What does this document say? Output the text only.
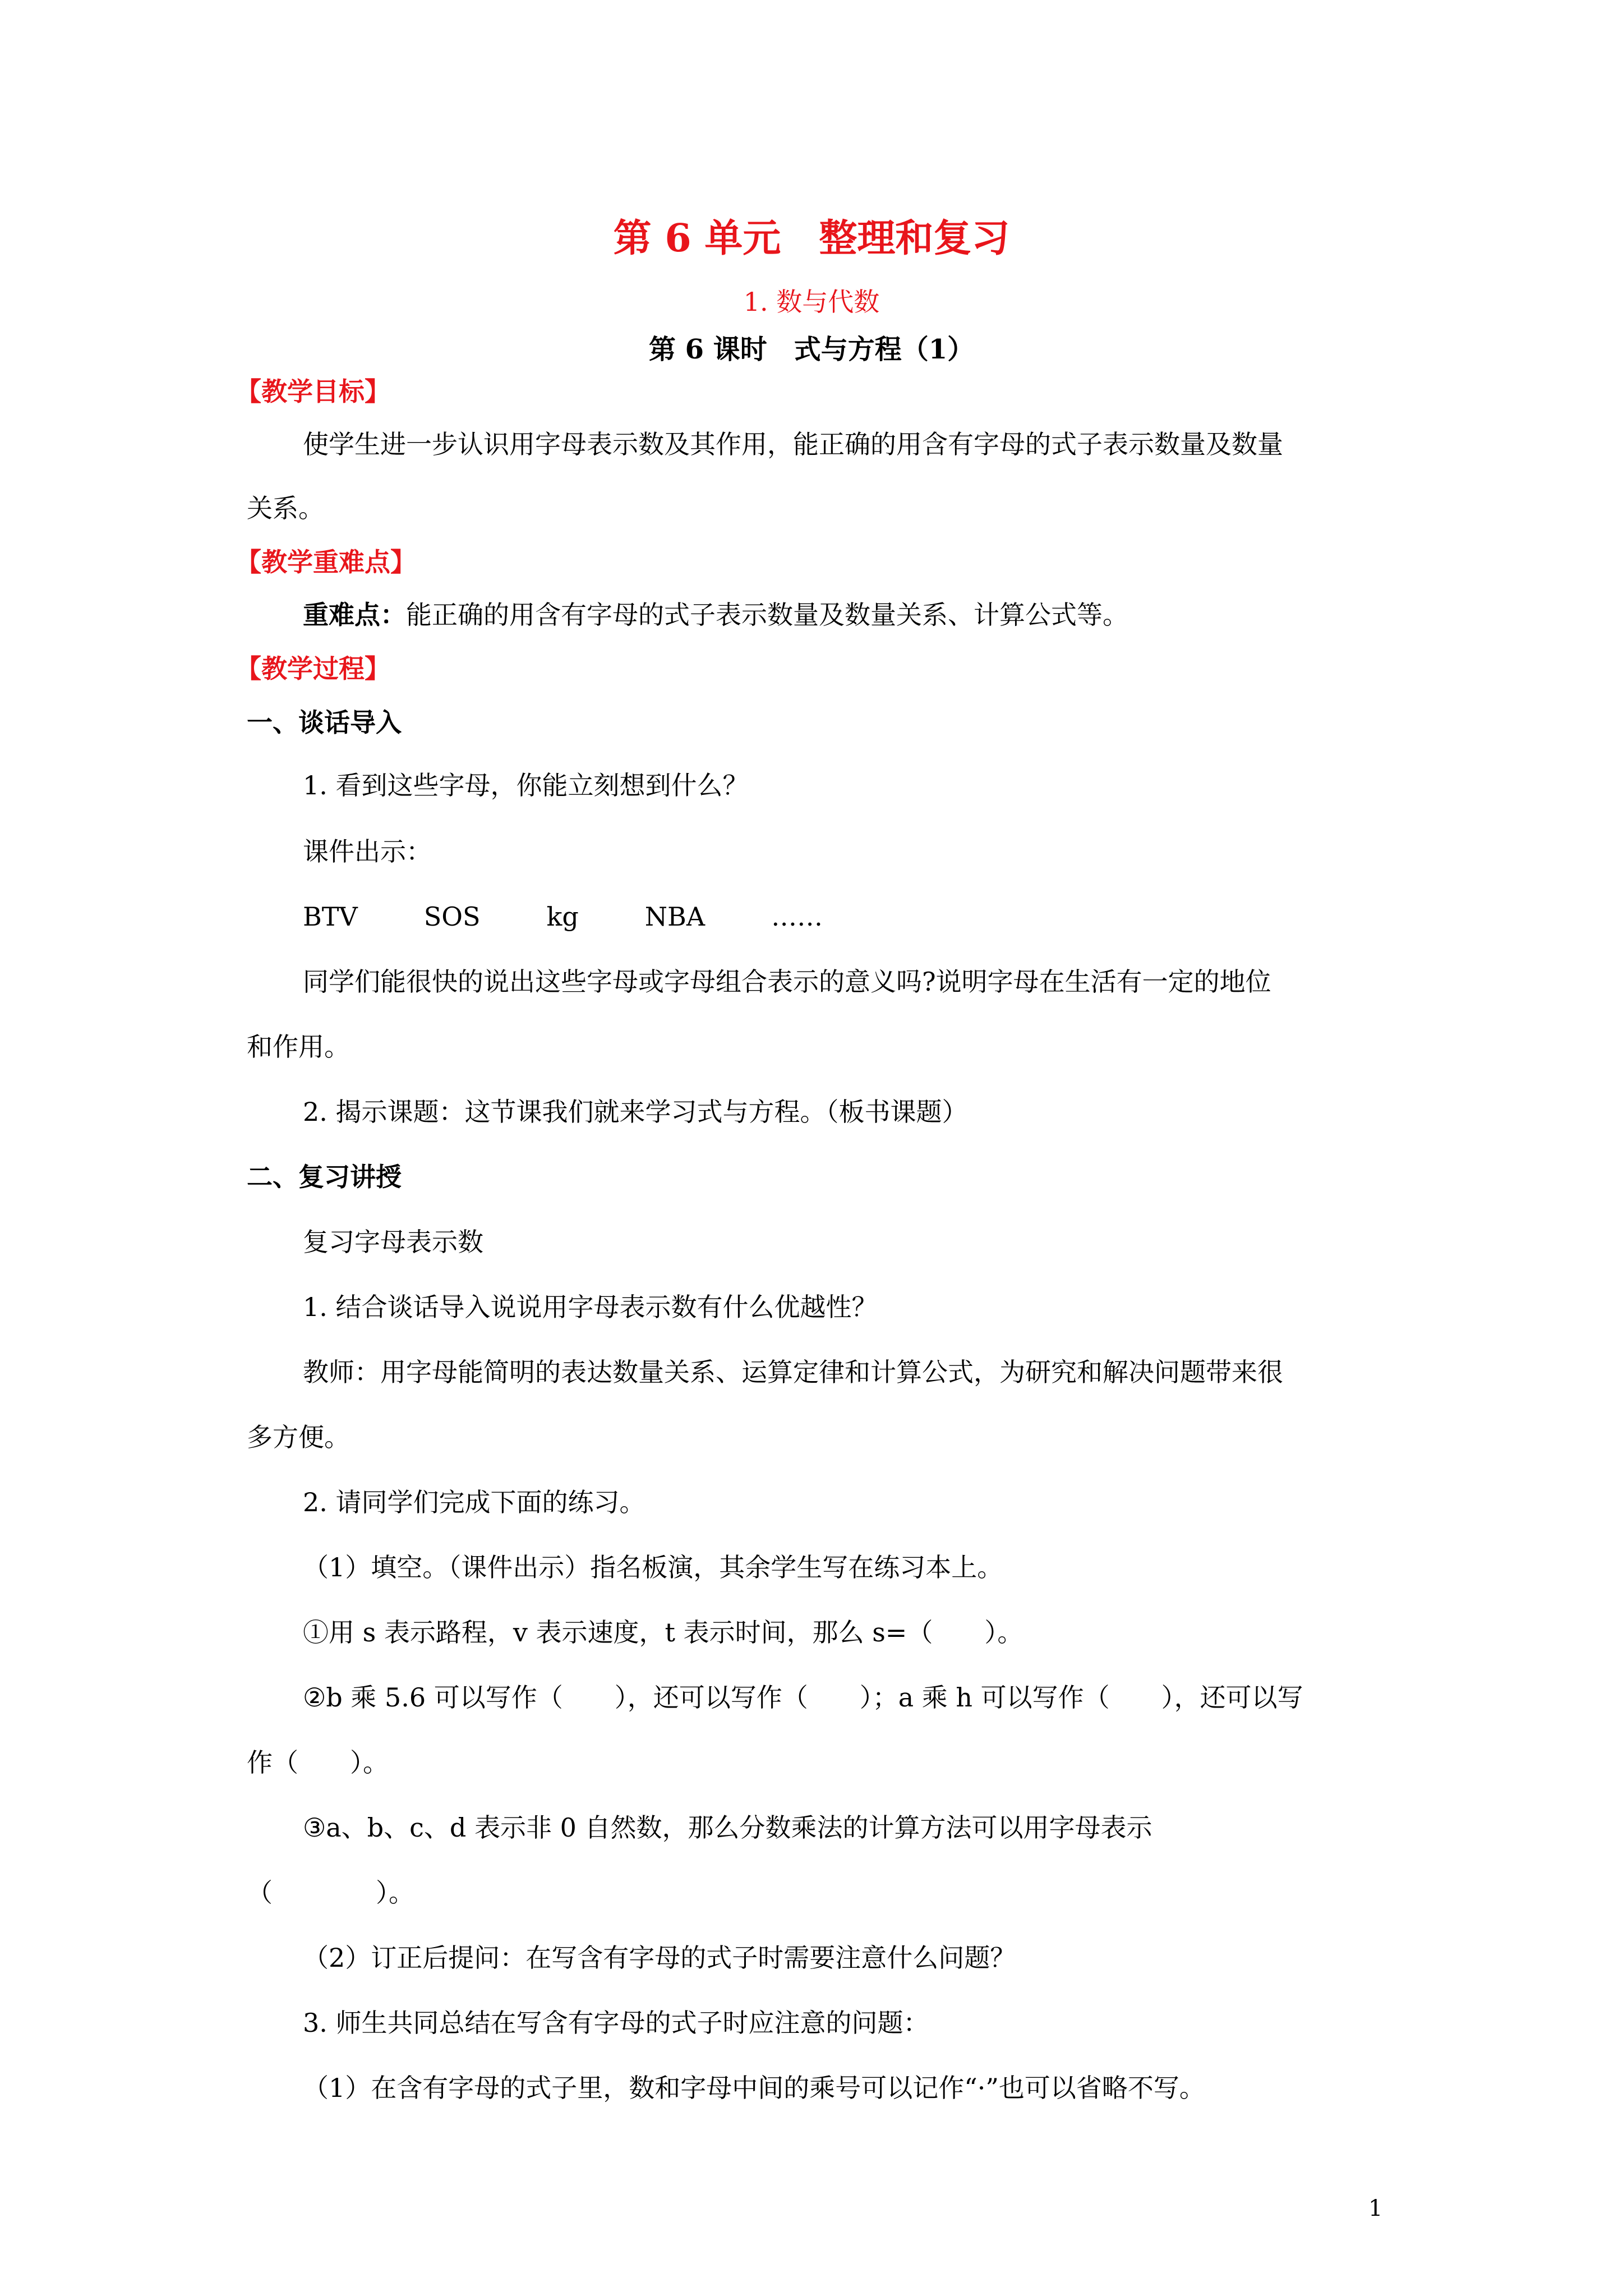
第 6 单元　整理和复习
1. 数与代数
第 6 课时　式与方程（1）
【教学目标】
使学生进一步认识用字母表示数及其作用，能正确的用含有字母的式子表示数量及数量
关系。
【教学重难点】
重难点：能正确的用含有字母的式子表示数量及数量关系、计算公式等。
【教学过程】
一、谈话导入
1. 看到这些字母，你能立刻想到什么？
课件出示：
BTV	SOS	kg	NBA	……
同学们能很快的说出这些字母或字母组合表示的意义吗?说明字母在生活有一定的地位
和作用。
2. 揭示课题：这节课我们就来学习式与方程。（板书课题）
二、复习讲授
复习字母表示数
1. 结合谈话导入说说用字母表示数有什么优越性？
教师：用字母能简明的表达数量关系、运算定律和计算公式，为研究和解决问题带来很
多方便。
2. 请同学们完成下面的练习。
（1）填空。（课件出示）指名板演，其余学生写在练习本上。
①用 s 表示路程，v 表示速度，t 表示时间，那么 s=（　　）。
②b 乘 5.6 可以写作（　　），还可以写作（　　）；a 乘 h 可以写作（　　），还可以写
作（　　）。
③a、b、c、d 表示非 0 自然数，那么分数乘法的计算方法可以用字母表示
（　　　　）。
（2）订正后提问：在写含有字母的式子时需要注意什么问题？
3. 师生共同总结在写含有字母的式子时应注意的问题：
（1）在含有字母的式子里，数和字母中间的乘号可以记作“·”也可以省略不写。
1
